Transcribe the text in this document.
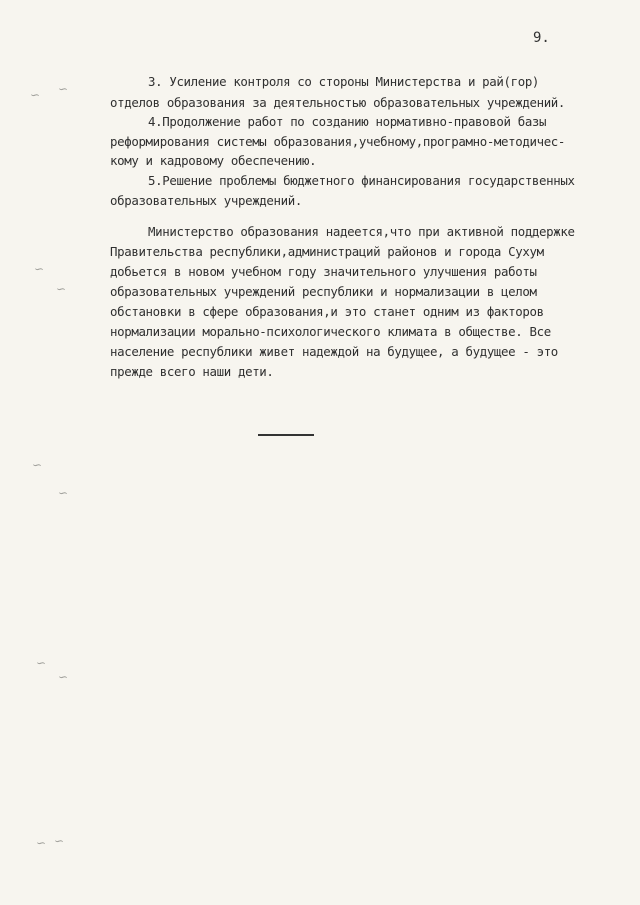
9.
3. Усиление контроля со стороны Министерства и рай(гор)
отделов образования за деятельностью образовательных учреждений.
4.Продолжение работ по созданию нормативно-правовой базы
реформирования системы образования,учебному,програмно-методичес-
кому и кадровому обеспечению.
5.Решение проблемы бюджетного финансирования государственных
образовательных учреждений.
Министерство образования надеется,что при активной поддержке
Правительства республики,администраций районов и города Сухум
добьется в новом учебном году значительного улучшения работы
образовательных учреждений республики и нормализации в целом
обстановки в сфере образования,и это станет одним из факторов
нормализации морально-психологического климата в обществе. Все
население республики живет надеждой на будущее, а будущее - это
прежде всего наши дети.
∽ ∽
∽
∽
∽
∽
∽
∽
∽ ∽
